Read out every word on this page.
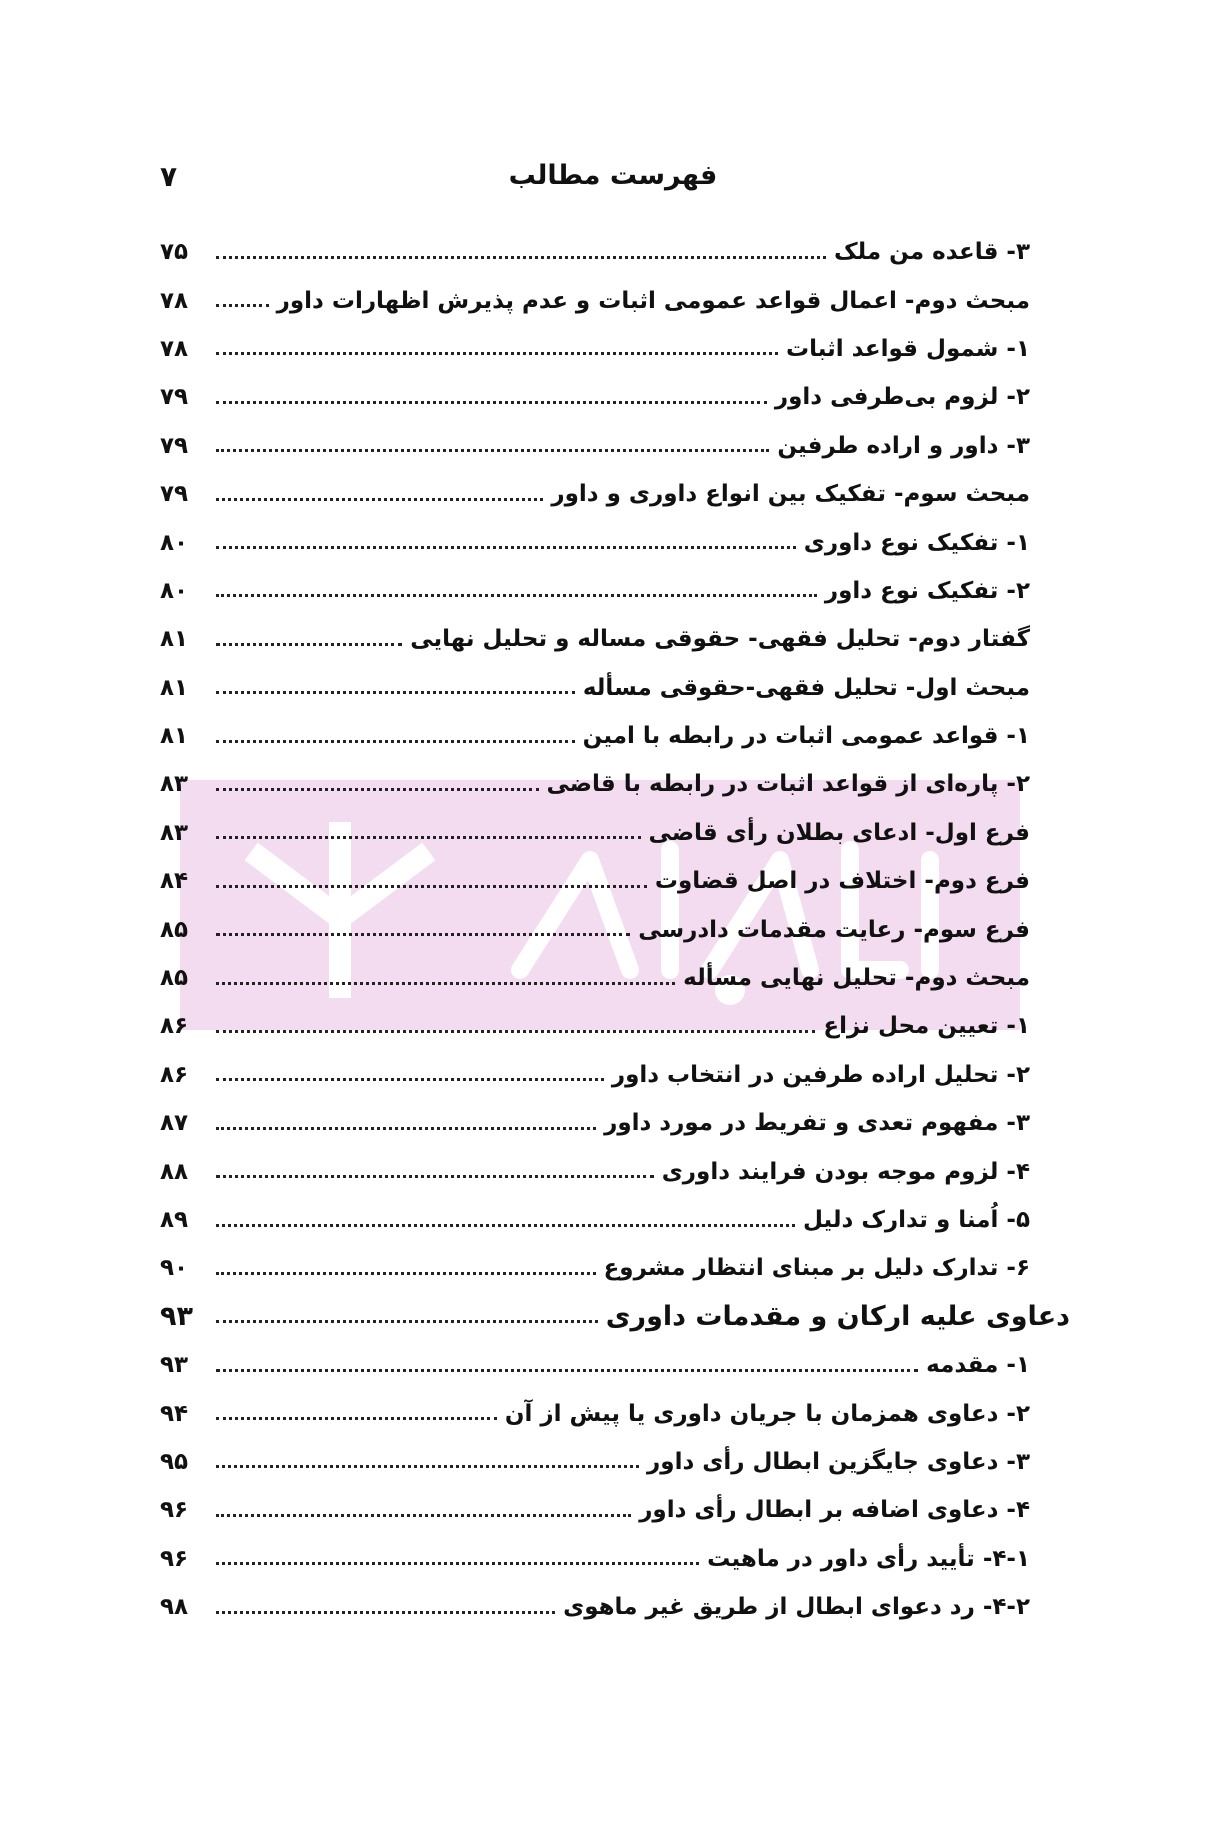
۷	فهرست مطالب
۷۵	۳- قاعده من ملک
۷۸	مبحث دوم- اعمال قواعد عمومی اثبات و عدم پذیرش اظهارات داور
۷۸	۱- شمول قواعد اثبات
۷۹	۲- لزوم بی‌طرفی داور
۷۹	۳- داور و اراده طرفین
۷۹	مبحث سوم- تفکیک بین انواع داوری و داور
۸۰	۱- تفکیک نوع داوری
۸۰	۲- تفکیک نوع داور
۸۱	گفتار دوم- تحلیل فقهی- حقوقی مساله و تحلیل نهایی
۸۱	مبحث اول- تحلیل فقهی-حقوقی مسأله
۸۱	۱- قواعد عمومی اثبات در رابطه با امین
۸۳	۲- پاره‌ای از قواعد اثبات در رابطه با قاضی
۸۳	فرع اول- ادعای بطلان رأی قاضی
۸۴	فرع دوم- اختلاف در اصل قضاوت
۸۵	فرع سوم- رعایت مقدمات دادرسی
۸۵	مبحث دوم- تحلیل نهایی مسأله
۸۶	۱- تعیین محل نزاع
۸۶	۲- تحلیل اراده طرفین در انتخاب داور
۸۷	۳- مفهوم تعدی و تفریط در مورد داور
۸۸	۴- لزوم موجه بودن فرایند داوری
۸۹	۵- اُمنا و تدارک دلیل
۹۰	۶- تدارک دلیل بر مبنای انتظار مشروع
۹۳	دعاوی علیه ارکان و مقدمات داوری
۹۳	۱- مقدمه
۹۴	۲- دعاوی همزمان با جریان داوری یا پیش از آن
۹۵	۳- دعاوی جایگزین ابطال رأی داور
۹۶	۴- دعاوی اضافه بر ابطال رأی داور
۹۶	۴-۱- تأیید رأی داور در ماهیت
۹۸	۴-۲- رد دعوای ابطال از طریق غیر ماهوی
